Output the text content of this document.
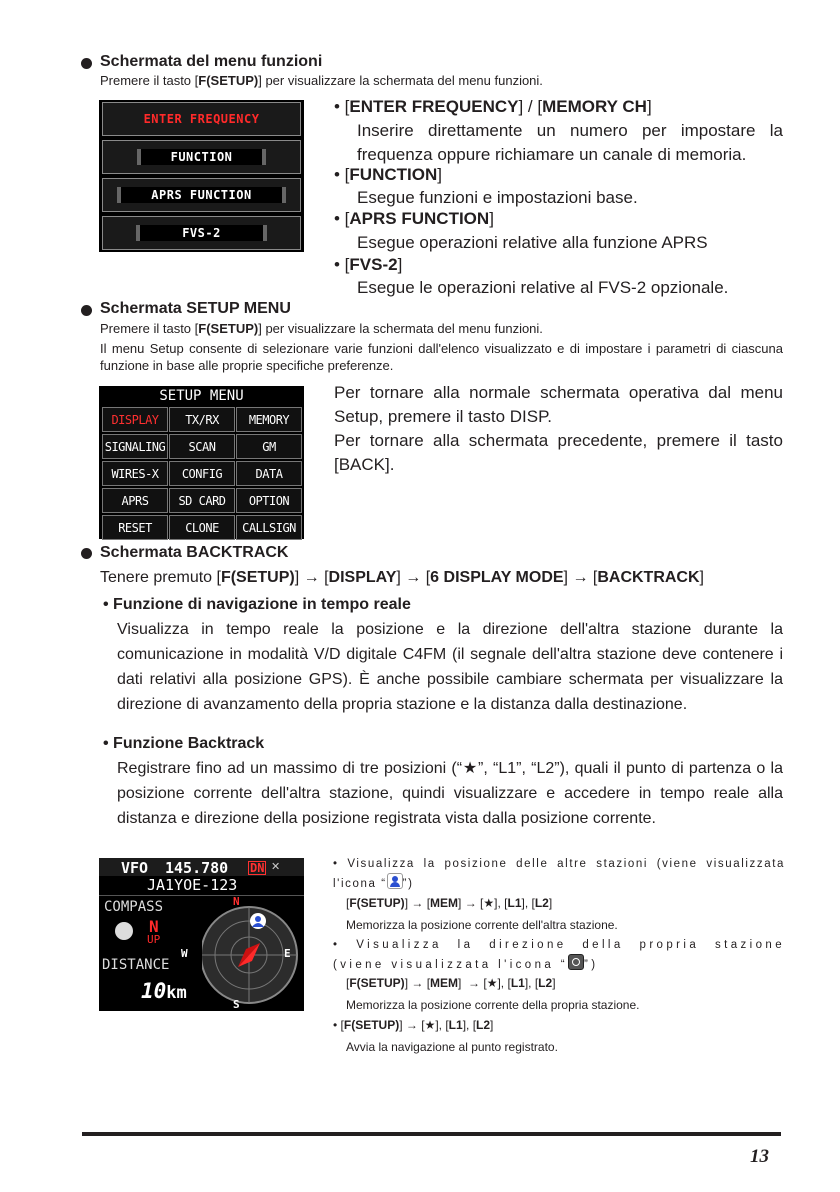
Schermata del menu funzioni
Premere il tasto [F(SETUP)] per visualizzare la schermata del menu funzioni.
ENTER FREQUENCY
FUNCTION
APRS FUNCTION
FVS-2
• [ENTER FREQUENCY] / [MEMORY CH]
Inserire direttamente un numero per impostare la frequenza oppure richiamare un canale di memoria.
• [FUNCTION]
Esegue funzioni e impostazioni base.
• [APRS FUNCTION]
Esegue operazioni relative alla funzione APRS
• [FVS-2]
Esegue le operazioni relative al FVS-2 opzionale.
Schermata SETUP MENU
Premere il tasto [F(SETUP)] per visualizzare la schermata del menu funzioni.
Il menu Setup consente di selezionare varie funzioni dall'elenco visualizzato e di impostare i parametri di ciascuna funzione in base alle proprie specifiche preferenze.
SETUP MENU
DISPLAY	TX/RX	MEMORY
SIGNALING	SCAN	GM
WIRES-X	CONFIG	DATA
APRS	SD CARD	OPTION
RESET	CLONE	CALLSIGN
Per tornare alla normale schermata operativa dal menu Setup, premere il tasto DISP.
Per tornare alla schermata precedente, premere il tasto [BACK].
Schermata BACKTRACK
Tenere premuto [F(SETUP)] → [DISPLAY] → [6 DISPLAY MODE] → [BACKTRACK]
• Funzione di navigazione in tempo reale
Visualizza in tempo reale la posizione e la direzione dell'altra stazione durante la comunicazione in modalità V/D digitale C4FM (il segnale dell'altra stazione deve contenere i dati relativi alla posizione GPS). È anche possibile cambiare schermata per visualizzare la direzione di avanzamento della propria stazione e la distanza dalla destinazione.
• Funzione Backtrack
Registrare fino ad un massimo di tre posizioni (“★”, “L1”, “L2”), quali il punto di partenza o la posizione corrente dell'altra stazione, quindi visualizzare e accedere in tempo reale alla distanza e direzione della posizione registrata vista dalla posizione corrente.
VFO 145.780 DN ✕
JA1YOE-123
COMPASS
N
UP
DISTANCE
10km
N
E
S
W
• Visualizza la posizione delle altre stazioni (viene visualizzata l'icona “ ”)
[F(SETUP)] → [MEM] → [★], [L1], [L2]
Memorizza la posizione corrente dell'altra stazione.
• Visualizza la direzione della propria stazione (viene visualizzata l'icona “ ”)
[F(SETUP)] → [MEM]  → [★], [L1], [L2]
Memorizza la posizione corrente della propria stazione.
• [F(SETUP)] → [★], [L1], [L2]
Avvia la navigazione al punto registrato.
13
